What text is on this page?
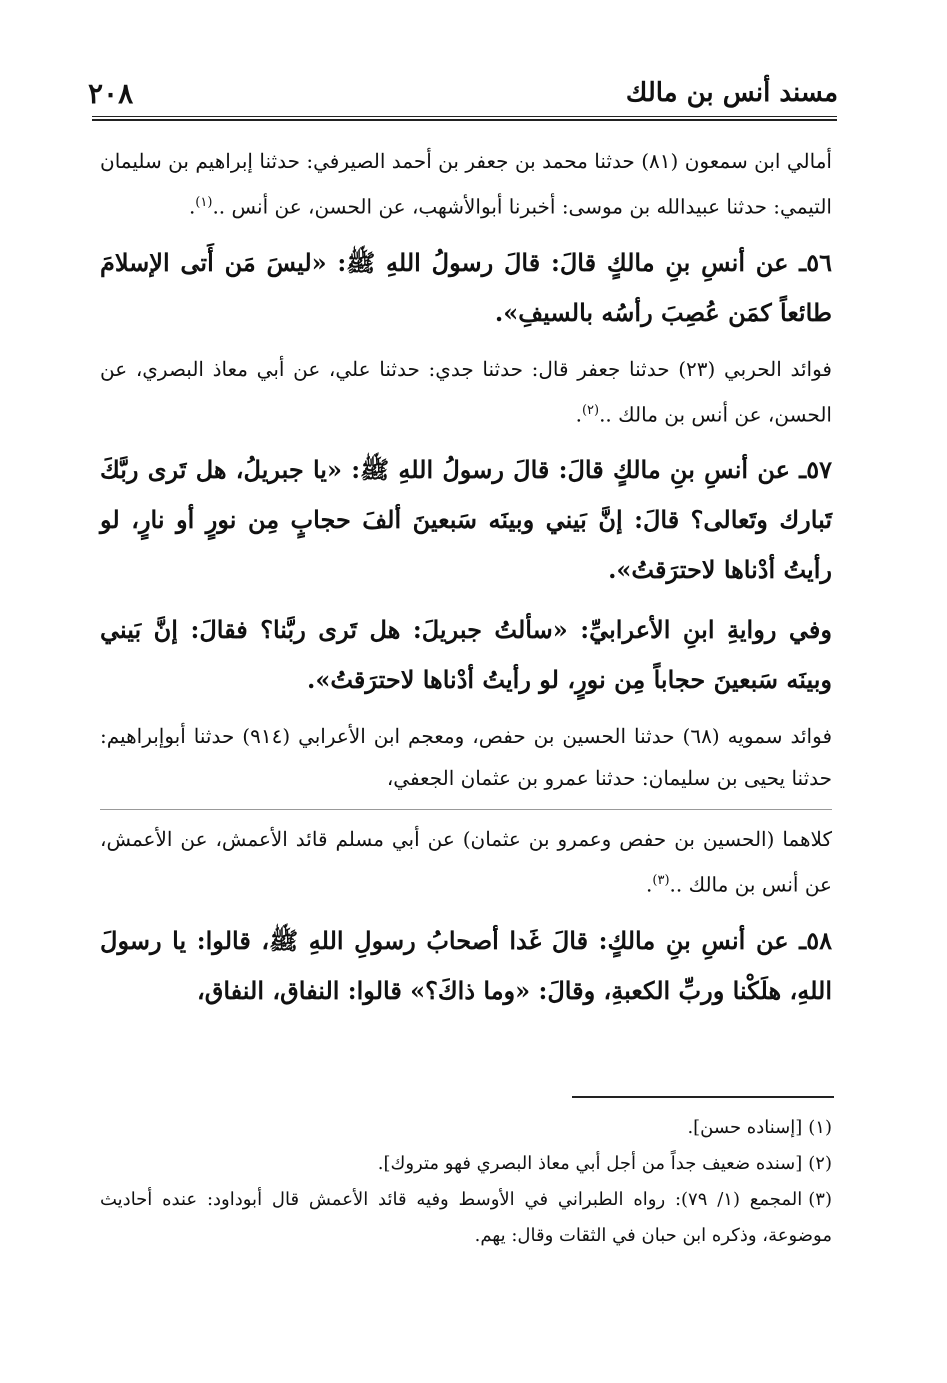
٢٠٨	مسند أنس بن مالك

أمالي ابن سمعون (٨١) حدثنا محمد بن جعفر بن أحمد الصيرفي: حدثنا إبراهيم بن سليمان التيمي: حدثنا عبيدالله بن موسى: أخبرنا أبوالأشهب، عن الحسن، عن أنس ..$^{(١)}$.

٥٦ـ عن أنسِ بنِ مالكٍ قالَ: قالَ رسولُ اللهِ ﷺ: «ليسَ مَن أَتى الإسلامَ طائعاً كمَن عُصِبَ رأسُه بالسيفِ».

فوائد الحربي (٢٣) حدثنا جعفر قال: حدثنا جدي: حدثنا علي، عن أبي معاذ البصري، عن الحسن، عن أنس بن مالك ..$^{(٢)}$.

٥٧ـ عن أنسِ بنِ مالكٍ قالَ: قالَ رسولُ اللهِ ﷺ: «يا جبريلُ، هل تَرى ربَّكَ تَبارك وتَعالى؟ قالَ: إنَّ بَيني وبينَه سَبعينَ ألفَ حجابٍ مِن نورٍ أو نارٍ، لو رأيتُ أدْناها لاحترَقتُ».

وفي روايةِ ابنِ الأعرابيِّ: «سألتُ جبريلَ: هل تَرى ربَّنا؟ فقالَ: إنَّ بَيني وبينَه سَبعينَ حجاباً مِن نورٍ، لو رأيتُ أدْناها لاحترَقتُ».

فوائد سمويه (٦٨) حدثنا الحسين بن حفص، ومعجم ابن الأعرابي (٩١٤) حدثنا أبوإبراهيم: حدثنا يحيى بن سليمان: حدثنا عمرو بن عثمان الجعفي،

كلاهما (الحسين بن حفص وعمرو بن عثمان) عن أبي مسلم قائد الأعمش، عن الأعمش، عن أنس بن مالك ..$^{(٣)}$.

٥٨ـ عن أنسِ بنِ مالكٍ: قالَ غَدا أصحابُ رسولِ اللهِ ﷺ، قالوا: يا رسولَ اللهِ، هلَكْنا وربِّ الكعبةِ، وقالَ: «وما ذاكَ؟» قالوا: النفاق، النفاق،

(١)[إسناده حسن].

(٢)[سنده ضعيف جداً من أجل أبي معاذ البصري فهو متروك].

(٣)المجمع (١/ ٧٩): رواه الطبراني في الأوسط وفيه قائد الأعمش قال أبوداود: عنده أحاديث موضوعة، وذكره ابن حبان في الثقات وقال: يهم.
